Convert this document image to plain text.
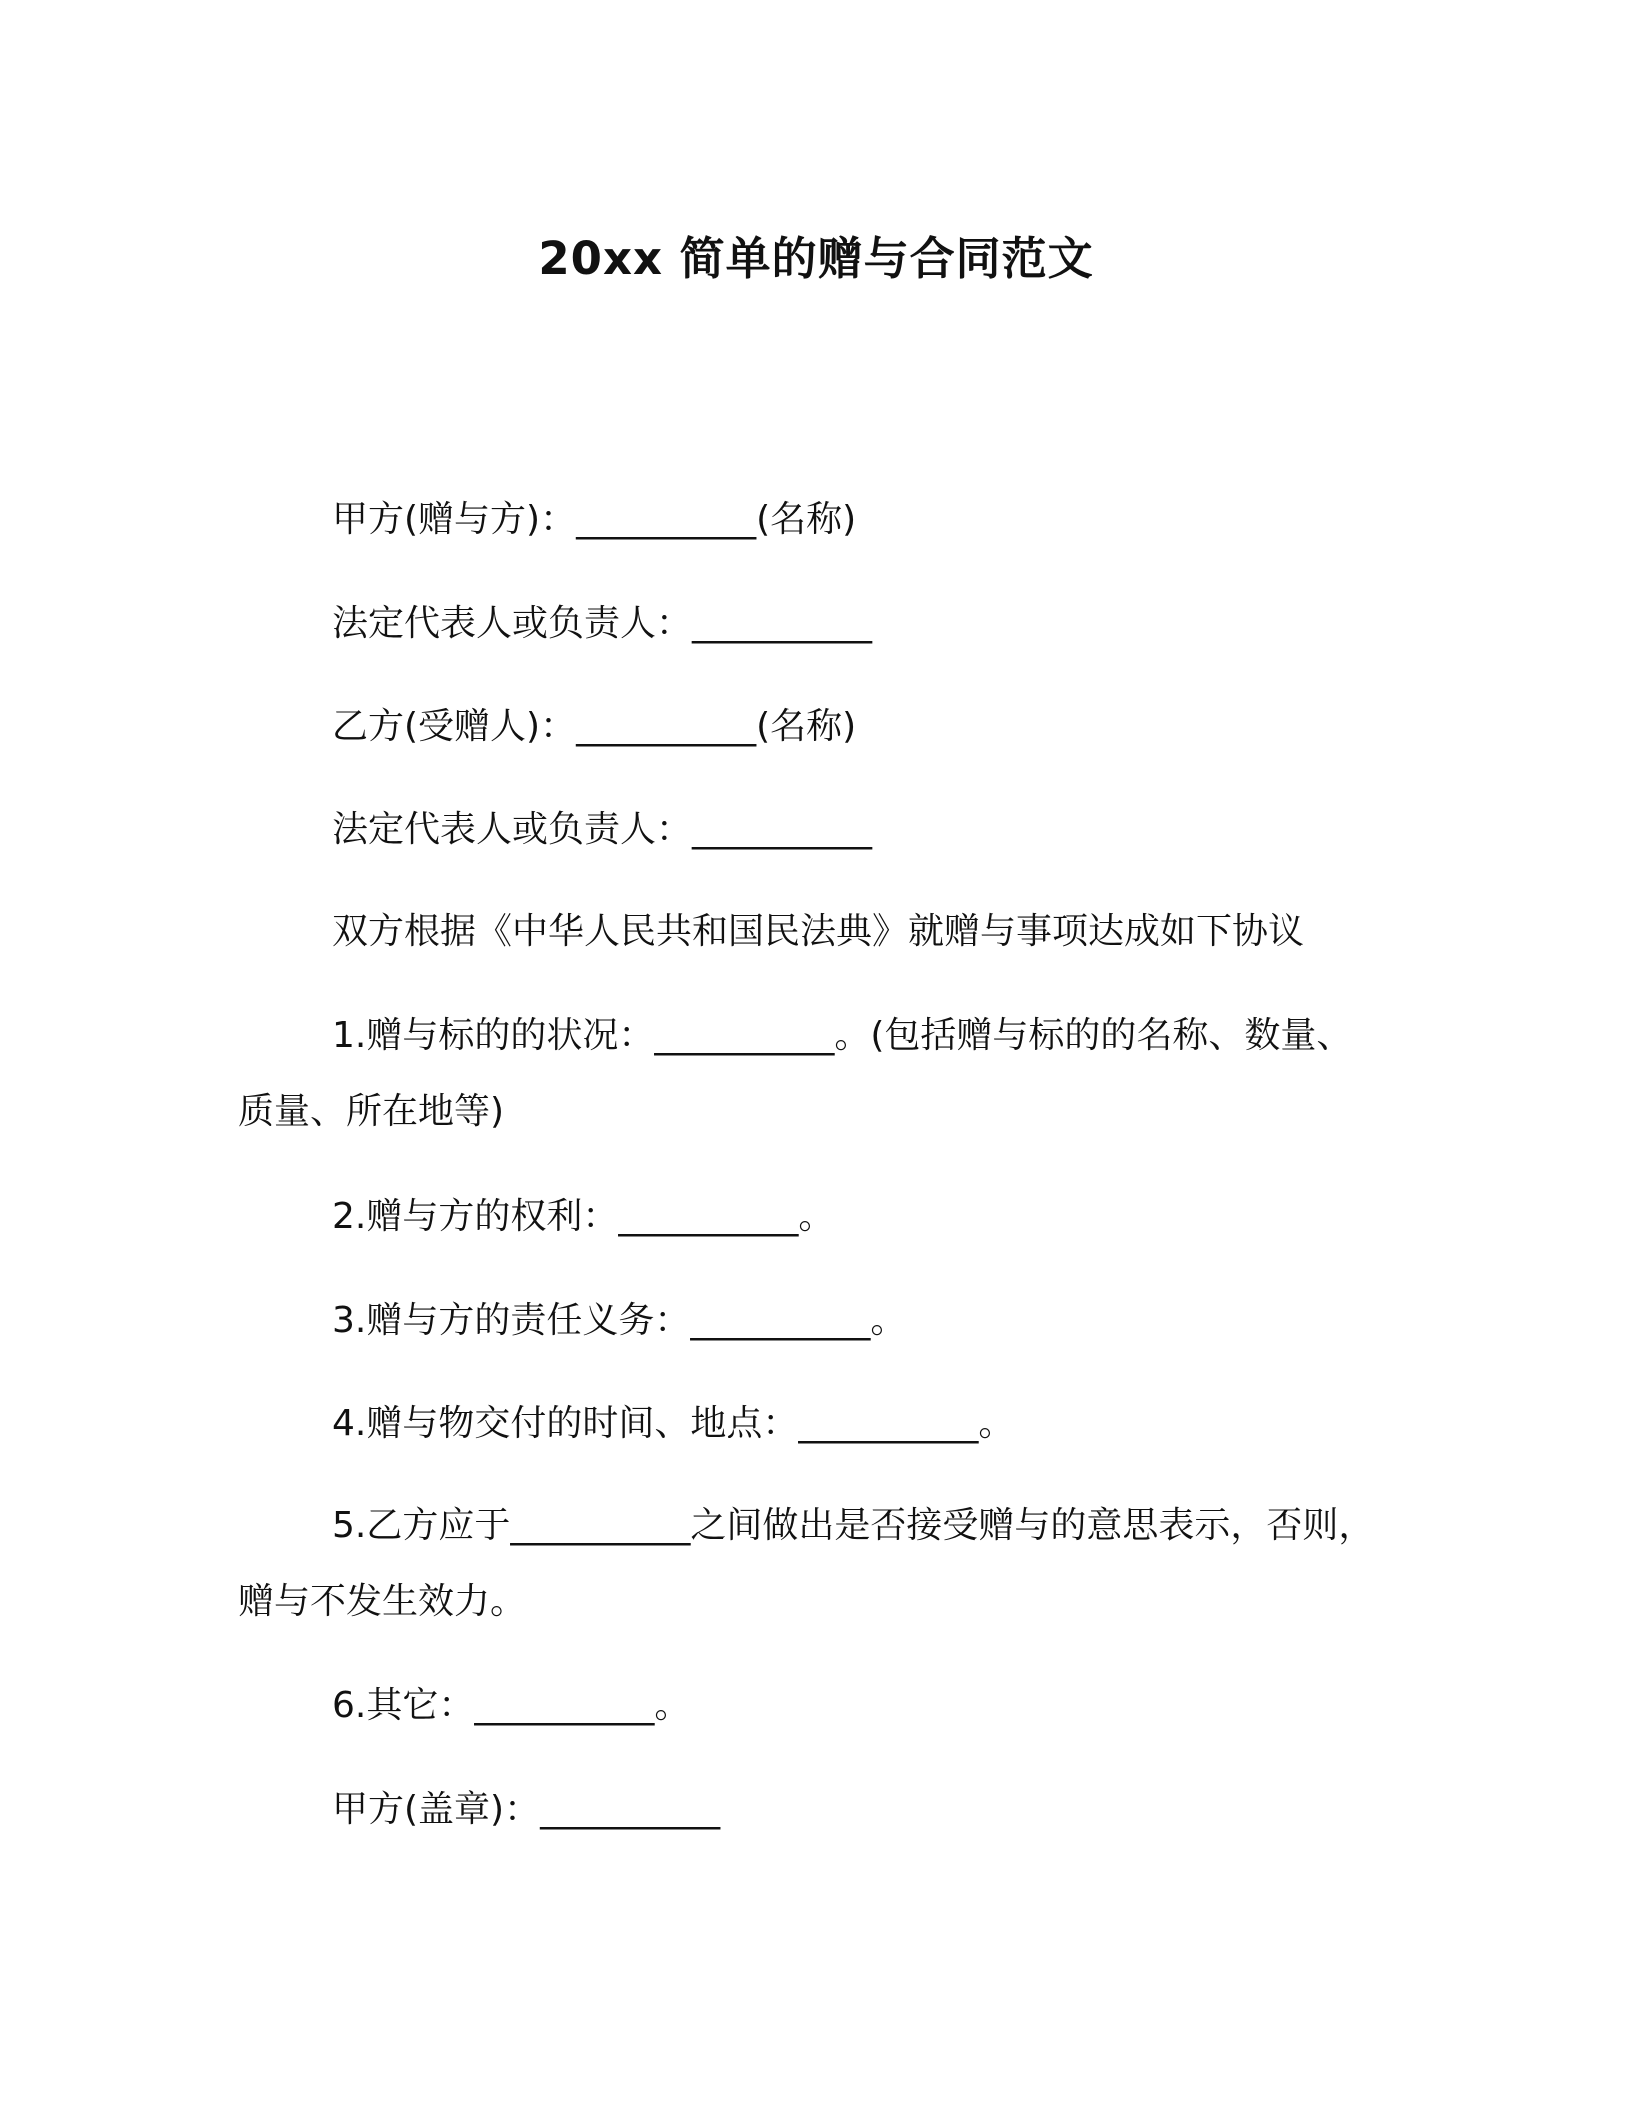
20xx 简单的赠与合同范文
甲方(赠与方)：__________(名称)
法定代表人或负责人：__________
乙方(受赠人)：__________(名称)
法定代表人或负责人：__________
双方根据《中华人民共和国民法典》就赠与事项达成如下协议
1.赠与标的的状况：__________。(包括赠与标的的名称、数量、
质量、所在地等)
2.赠与方的权利：__________。
3.赠与方的责任义务：__________。
4.赠与物交付的时间、地点：__________。
5.乙方应于__________之间做出是否接受赠与的意思表示，否则，
赠与不发生效力。
6.其它：__________。
甲方(盖章)：__________
